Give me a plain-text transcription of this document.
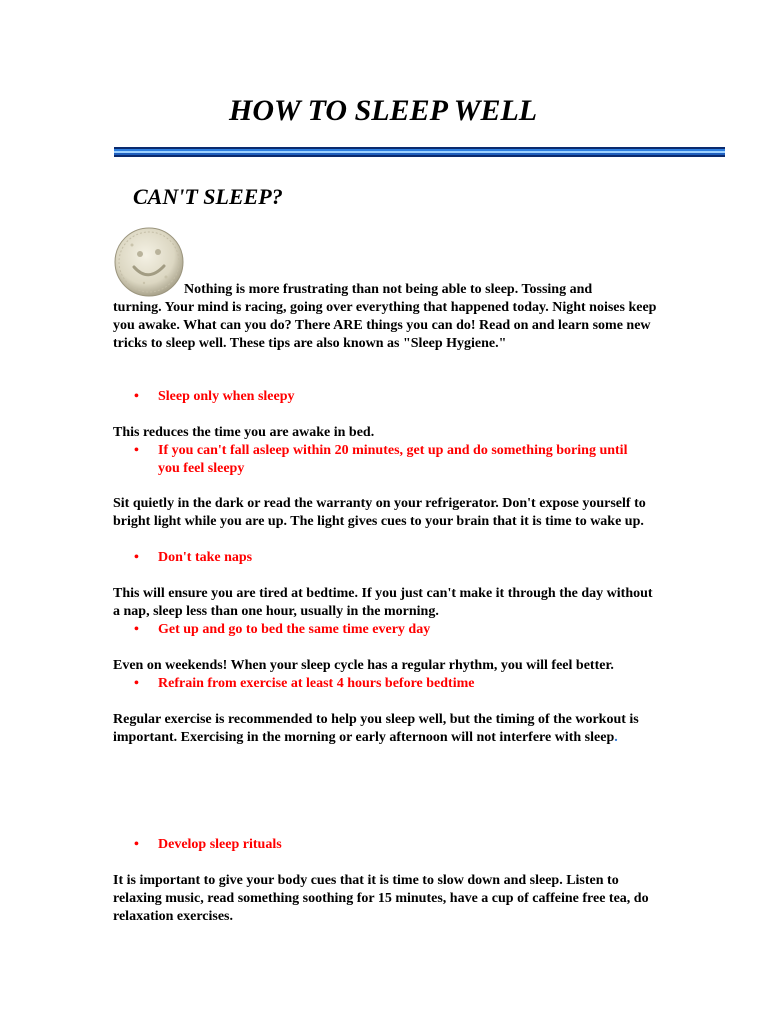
HOW TO SLEEP WELL
CAN'T SLEEP?

Nothing is more frustrating than not being able to sleep. Tossing and

turning. Your mind is racing, going over everything that happened today. Night noises keep you awake. What can you do? There ARE things you can do! Read on and learn some new tricks to sleep well. These tips are also known as "Sleep Hygiene."

•	Sleep only when sleepy

This reduces the time you are awake in bed.

•	If you can't fall asleep within 20 minutes, get up and do something boring until you feel sleepy

Sit quietly in the dark or read the warranty on your refrigerator. Don't expose yourself to bright light while you are up. The light gives cues to your brain that it is time to wake up.

•	Don't take naps

This will ensure you are tired at bedtime. If you just can't make it through the day without a nap, sleep less than one hour, usually in the morning.

•	Get up and go to bed the same time every day

Even on weekends! When your sleep cycle has a regular rhythm, you will feel better.

•	Refrain from exercise at least 4 hours before bedtime

Regular exercise is recommended to help you sleep well, but the timing of the workout is important. Exercising in the morning or early afternoon will not interfere with sleep.

•	Develop sleep rituals

It is important to give your body cues that it is time to slow down and sleep. Listen to relaxing music, read something soothing for 15 minutes, have a cup of caffeine free tea, do relaxation exercises.
